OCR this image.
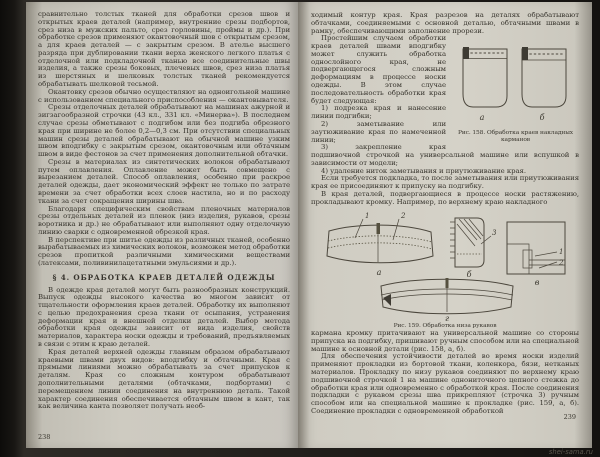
сравнительно толстых тканей для обработки срезов швов и открытых краев деталей (например, внутренние срезы подбортов, срез низа в мужских пальто, срез горловины, проймы и др.). При обработке срезов применяют окантовочный шов с открытым срезом, а для краев деталей — с закрытым срезом. В ателье высшего разряда при дублировании ткани верха женского легкого платья с отделочной или подкладочной тканью все соединительные швы изделия, а также срезы боковых, плечевых швов, срез низа платья из шерстяных и шелковых толстых тканей рекомендуется обрабатывать шелковой тесьмой.

Окантовку срезов обычно осуществляют на одноигольной машине с использованием специального приспособления — окантовывателя.

Срезы отделочных деталей обрабатывают на машинах ажурной и зигзагообразной строчки (43 кл., 331 кл. «Минерва»). В последнем случае срезы обметывают с подгибом или без подгиба обрезного края при ширине не более 0,2—0,3 см. При отсутствии специальных машин срезы деталей обрабатывают на обычной машине узким швом вподгибку с закрытым срезом, окантовочным или обтачным швом в виде фестонов за счет применения дополнительной обтачки.

Срезы в материалах из синтетических волокон обрабатывают путем оплавления. Оплавление может быть совмещено с вырезанием деталей. Способ оплавления, особенно при раскрое деталей одежды, дает экономический эффект не только по затрате времени за счет обработки всех слоев настила, но и по расходу ткани за счет сокращения ширины шва.

Благодаря специфическим свойствам пленочных материалов срезы отдельных деталей из пленок (низ изделия, рукавов, срезы воротника и др.) не обрабатывают или выполняют одну отделочную линию сварки с одновременной обрезкой края.

В перспективе при шитье одежды из различных тканей, особенно вырабатываемых из химических волокон, возможен метод обработки срезов пропиткой различными химическими веществами (латексами, поливинилацетатными эмульсиями и др.).

§ 4. ОБРАБОТКА КРАЕВ ДЕТАЛЕЙ ОДЕЖДЫ

В одежде края деталей могут быть разнообразных конструкций. Выпуск одежды высокого качества во многом зависит от тщательности оформления краев деталей. Обработку их выполняют с целью предохранения среза ткани от осыпания, устранения деформации края и внешней отделки деталей. Выбор метода обработки края одежды зависит от вида изделия, свойств материалов, характера носки одежды и требований, предъявляемых в связи с этим к краю деталей.

Края деталей верхней одежды главным образом обрабатывают краевыми швами двух видов: вподгибку и обтачными. Края с прямыми линиями можно обрабатывать за счет припусков к деталям. Края со сложным контуром обрабатывают дополнительными деталями (обтачками, подбортами) с перемещением линии соединения на внутреннюю деталь. Такой характер соединения обеспечивается обтачным швом в кант, так как величина канта позволяет получать необ-

238

ходимый контур края. Края разрезов на деталях обрабатывают обтачками, соединяемыми с основной деталью, обтачными швами в рамку, обеспечивающими заполнение прорези.

а	б
Рис. 158. Обработка краев накладных карманов

Простейшим случаем обработки краев деталей швами вподгибку может служить обработка однослойного края, не подвергающегося сложным деформациям в процессе носки одежды. В этом случае последовательность обработки края будет следующая:

1) подрезка края и нанесение линии подгибки;

2) заметывание или заутюживание края по намеченной линии;

3) закрепление края подшивочной строчкой на универсальной машине или вспушкой в зависимости от модели;

4) удаление ниток заметывания и приутюживание края.

Если требуется подкладка, то после заметывания или приутюживания края ее присоединяют к припуску на подгибку.

В края деталей, подвергающиеся в процессе носки растяжению, прокладывают кромку. Например, по верхнему краю накладного

1	2
а
3
б
1
2
в
г
Рис. 159. Обработка низа рукавов

кармана кромку притачивают на универсальной машине со стороны припуска на подгибку, пришивают ручным способом или на специальной машине к основной детали (рис. 158, а, б).

Для обеспечения устойчивости деталей во время носки изделий применяют прокладки из бортовой ткани, коленкора, бязи, нетканых материалов. Прокладку по низу рукавов соединяют по верхнему краю подшивочной строчкой 1 на машине однониточного цепного стежка до обработки края или одновременно с обработкой края. После соединения подкладки с рукавом срезы шва прикрепляют (строчка 3) ручным способом или на специальной машине к прокладке (рис. 159, а, б). Соединение прокладки с одновременной обработкой

239
shei-sama.ru
